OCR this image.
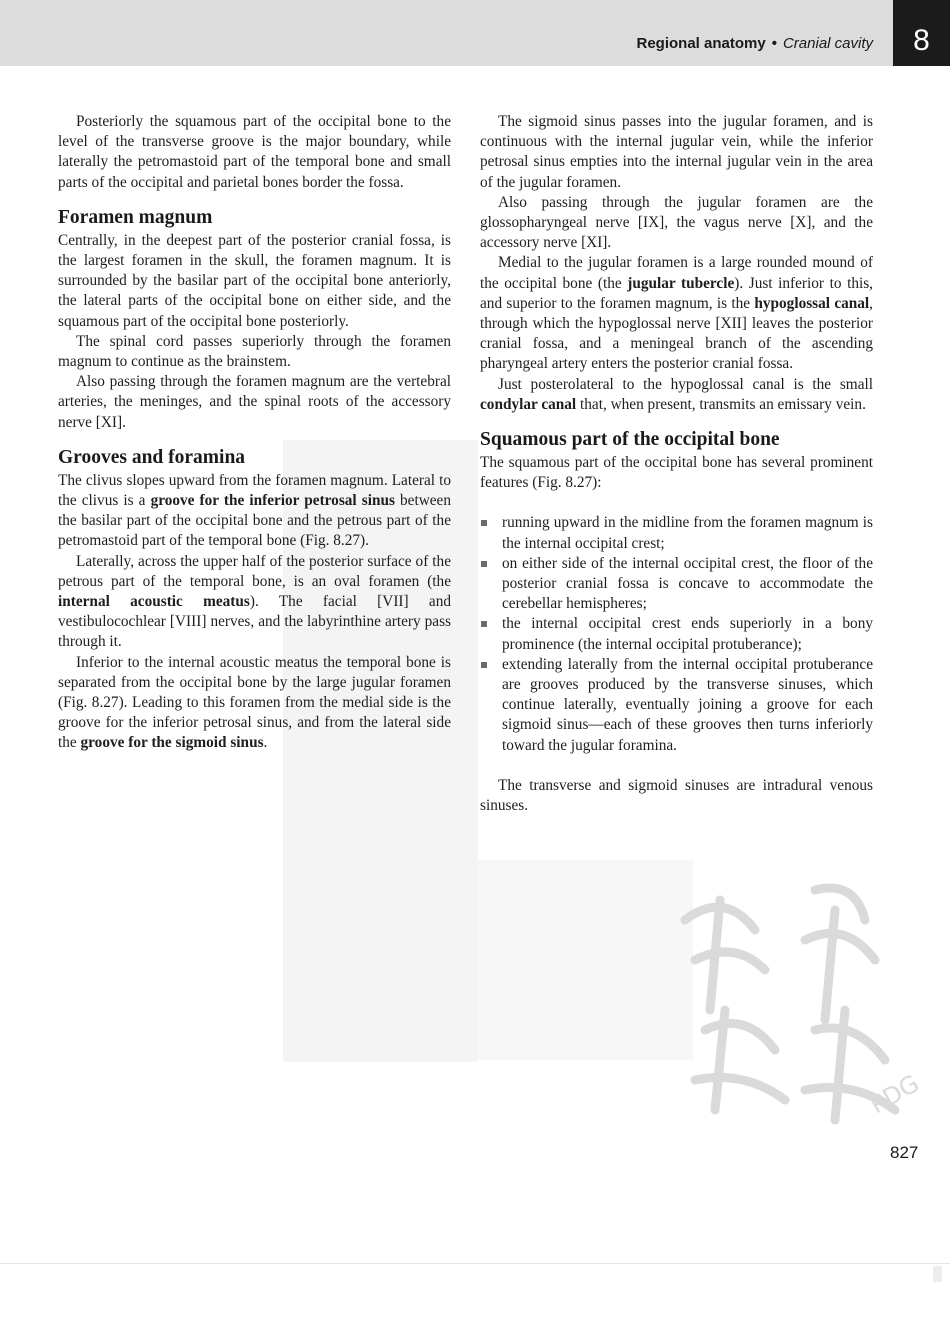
Regional anatomy • Cranial cavity	8

Posteriorly the squamous part of the occipital bone to the level of the transverse groove is the major boundary, while laterally the petromastoid part of the temporal bone and small parts of the occipital and parietal bones border the fossa.

Foramen magnum

Centrally, in the deepest part of the posterior cranial fossa, is the largest foramen in the skull, the foramen magnum. It is surrounded by the basilar part of the occipital bone anteriorly, the lateral parts of the occipital bone on either side, and the squamous part of the occipital bone posteriorly.

The spinal cord passes superiorly through the foramen magnum to continue as the brainstem.

Also passing through the foramen magnum are the vertebral arteries, the meninges, and the spinal roots of the accessory nerve [XI].

Grooves and foramina

The clivus slopes upward from the foramen magnum. Lateral to the clivus is a groove for the inferior petrosal sinus between the basilar part of the occipital bone and the petrous part of the petromastoid part of the temporal bone (Fig. 8.27).

Laterally, across the upper half of the posterior surface of the petrous part of the temporal bone, is an oval foramen (the internal acoustic meatus). The facial [VII] and vestibulocochlear [VIII] nerves, and the labyrinthine artery pass through it.

Inferior to the internal acoustic meatus the temporal bone is separated from the occipital bone by the large jugular foramen (Fig. 8.27). Leading to this foramen from the medial side is the groove for the inferior petrosal sinus, and from the lateral side the groove for the sigmoid sinus.

The sigmoid sinus passes into the jugular foramen, and is continuous with the internal jugular vein, while the inferior petrosal sinus empties into the internal jugular vein in the area of the jugular foramen.

Also passing through the jugular foramen are the glossopharyngeal nerve [IX], the vagus nerve [X], and the accessory nerve [XI].

Medial to the jugular foramen is a large rounded mound of the occipital bone (the jugular tubercle). Just inferior to this, and superior to the foramen magnum, is the hypoglossal canal, through which the hypoglossal nerve [XII] leaves the posterior cranial fossa, and a meningeal branch of the ascending pharyngeal artery enters the posterior cranial fossa.

Just posterolateral to the hypoglossal canal is the small condylar canal that, when present, transmits an emissary vein.

Squamous part of the occipital bone

The squamous part of the occipital bone has several prominent features (Fig. 8.27):

running upward in the midline from the foramen magnum is the internal occipital crest;
on either side of the internal occipital crest, the floor of the posterior cranial fossa is concave to accommodate the cerebellar hemispheres;
the internal occipital crest ends superiorly in a bony prominence (the internal occipital protuberance);
extending laterally from the internal occipital protuberance are grooves produced by the transverse sinuses, which continue laterally, eventually joining a groove for each sigmoid sinus—each of these grooves then turns inferiorly toward the jugular foramina.

The transverse and sigmoid sinuses are intradural venous sinuses.

PDG
827
